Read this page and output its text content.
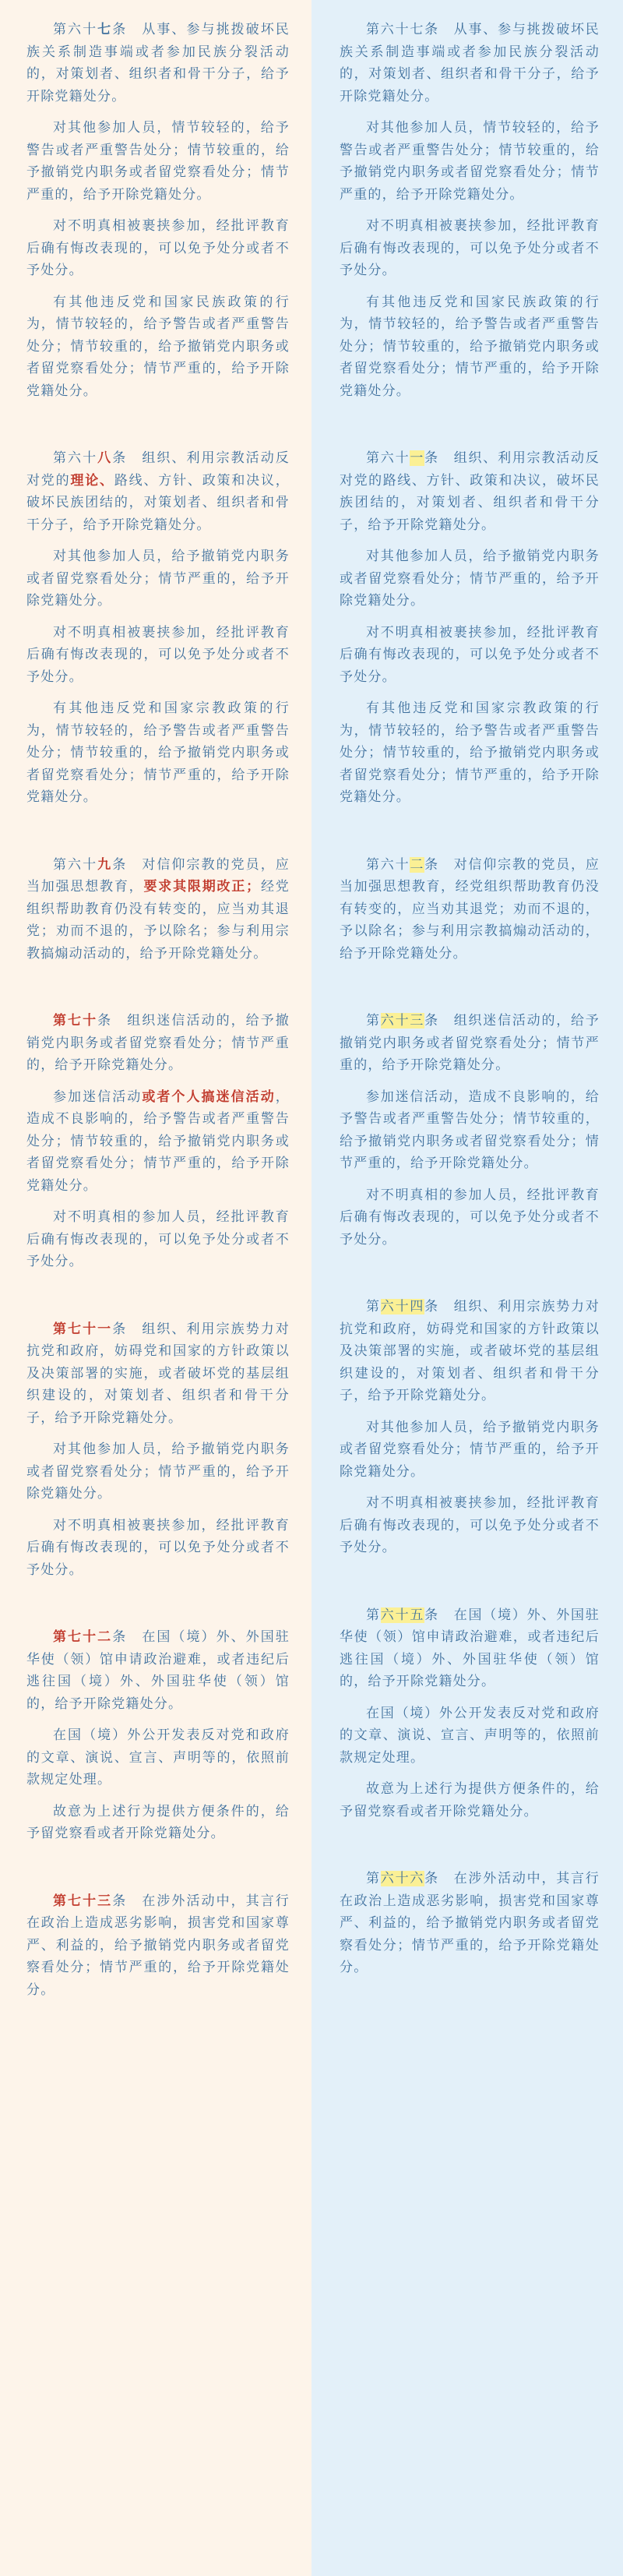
第六十七条　从事、参与挑拨破坏民族关系制造事端或者参加民族分裂活动的，对策划者、组织者和骨干分子，给予开除党籍处分。

对其他参加人员，情节较轻的，给予警告或者严重警告处分；情节较重的，给予撤销党内职务或者留党察看处分；情节严重的，给予开除党籍处分。

对不明真相被裹挟参加，经批评教育后确有悔改表现的，可以免予处分或者不予处分。

有其他违反党和国家民族政策的行为，情节较轻的，给予警告或者严重警告处分；情节较重的，给予撤销党内职务或者留党察看处分；情节严重的，给予开除党籍处分。

第六十八条　组织、利用宗教活动反对党的理论、路线、方针、政策和决议，破坏民族团结的，对策划者、组织者和骨干分子，给予开除党籍处分。

对其他参加人员，给予撤销党内职务或者留党察看处分；情节严重的，给予开除党籍处分。

对不明真相被裹挟参加，经批评教育后确有悔改表现的，可以免予处分或者不予处分。

有其他违反党和国家宗教政策的行为，情节较轻的，给予警告或者严重警告处分；情节较重的，给予撤销党内职务或者留党察看处分；情节严重的，给予开除党籍处分。

第六十九条　对信仰宗教的党员，应当加强思想教育，要求其限期改正；经党组织帮助教育仍没有转变的，应当劝其退党；劝而不退的，予以除名；参与利用宗教搞煽动活动的，给予开除党籍处分。

第七十条　组织迷信活动的，给予撤销党内职务或者留党察看处分；情节严重的，给予开除党籍处分。

参加迷信活动或者个人搞迷信活动，造成不良影响的，给予警告或者严重警告处分；情节较重的，给予撤销党内职务或者留党察看处分；情节严重的，给予开除党籍处分。

对不明真相的参加人员，经批评教育后确有悔改表现的，可以免予处分或者不予处分。

第七十一条　组织、利用宗族势力对抗党和政府，妨碍党和国家的方针政策以及决策部署的实施，或者破坏党的基层组织建设的，对策划者、组织者和骨干分子，给予开除党籍处分。

对其他参加人员，给予撤销党内职务或者留党察看处分；情节严重的，给予开除党籍处分。

对不明真相被裹挟参加，经批评教育后确有悔改表现的，可以免予处分或者不予处分。

第七十二条　在国（境）外、外国驻华使（领）馆申请政治避难，或者违纪后逃往国（境）外、外国驻华使（领）馆的，给予开除党籍处分。

在国（境）外公开发表反对党和政府的文章、演说、宣言、声明等的，依照前款规定处理。

故意为上述行为提供方便条件的，给予留党察看或者开除党籍处分。

第七十三条　在涉外活动中，其言行在政治上造成恶劣影响，损害党和国家尊严、利益的，给予撤销党内职务或者留党察看处分；情节严重的，给予开除党籍处分。

第六十七条　从事、参与挑拨破坏民族关系制造事端或者参加民族分裂活动的，对策划者、组织者和骨干分子，给予开除党籍处分。

对其他参加人员，情节较轻的，给予警告或者严重警告处分；情节较重的，给予撤销党内职务或者留党察看处分；情节严重的，给予开除党籍处分。

对不明真相被裹挟参加，经批评教育后确有悔改表现的，可以免予处分或者不予处分。

有其他违反党和国家民族政策的行为，情节较轻的，给予警告或者严重警告处分；情节较重的，给予撤销党内职务或者留党察看处分；情节严重的，给予开除党籍处分。

第六十一条　组织、利用宗教活动反对党的路线、方针、政策和决议，破坏民族团结的，对策划者、组织者和骨干分子，给予开除党籍处分。

对其他参加人员，给予撤销党内职务或者留党察看处分；情节严重的，给予开除党籍处分。

对不明真相被裹挟参加，经批评教育后确有悔改表现的，可以免予处分或者不予处分。

有其他违反党和国家宗教政策的行为，情节较轻的，给予警告或者严重警告处分；情节较重的，给予撤销党内职务或者留党察看处分；情节严重的，给予开除党籍处分。

第六十二条　对信仰宗教的党员，应当加强思想教育，经党组织帮助教育仍没有转变的，应当劝其退党；劝而不退的，予以除名；参与利用宗教搞煽动活动的，给予开除党籍处分。

第六十三条　组织迷信活动的，给予撤销党内职务或者留党察看处分；情节严重的，给予开除党籍处分。

参加迷信活动，造成不良影响的，给予警告或者严重警告处分；情节较重的，给予撤销党内职务或者留党察看处分；情节严重的，给予开除党籍处分。

对不明真相的参加人员，经批评教育后确有悔改表现的，可以免予处分或者不予处分。

第六十四条　组织、利用宗族势力对抗党和政府，妨碍党和国家的方针政策以及决策部署的实施，或者破坏党的基层组织建设的，对策划者、组织者和骨干分子，给予开除党籍处分。

对其他参加人员，给予撤销党内职务或者留党察看处分；情节严重的，给予开除党籍处分。

对不明真相被裹挟参加，经批评教育后确有悔改表现的，可以免予处分或者不予处分。

第六十五条　在国（境）外、外国驻华使（领）馆申请政治避难，或者违纪后逃往国（境）外、外国驻华使（领）馆的，给予开除党籍处分。

在国（境）外公开发表反对党和政府的文章、演说、宣言、声明等的，依照前款规定处理。

故意为上述行为提供方便条件的，给予留党察看或者开除党籍处分。

第六十六条　在涉外活动中，其言行在政治上造成恶劣影响，损害党和国家尊严、利益的，给予撤销党内职务或者留党察看处分；情节严重的，给予开除党籍处分。
